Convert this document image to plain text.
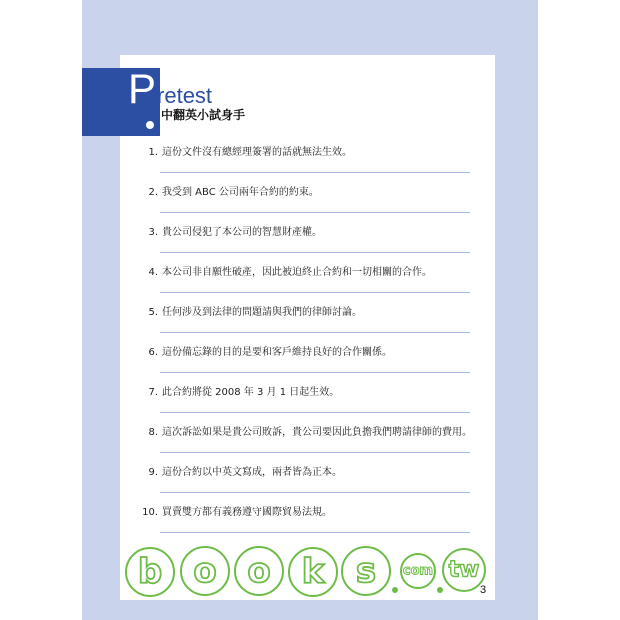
P retest
中翻英小試身手
1. 這份文件沒有總經理簽署的話就無法生效。
2. 我受到 ABC 公司兩年合約的約束。
3. 貴公司侵犯了本公司的智慧財產權。
4. 本公司非自願性破產，因此被迫終止合約和一切相關的合作。
5. 任何涉及到法律的問題請與我們的律師討論。
6. 這份備忘錄的目的是要和客戶維持良好的合作關係。
7. 此合約將從 2008 年 3 月 1 日起生效。
8. 這次訴訟如果是貴公司敗訴，貴公司要因此負擔我們聘請律師的費用。
9. 這份合約以中英文寫成，兩者皆為正本。
10. 買賣雙方都有義務遵守國際貿易法規。
b o o k s com tw
3
